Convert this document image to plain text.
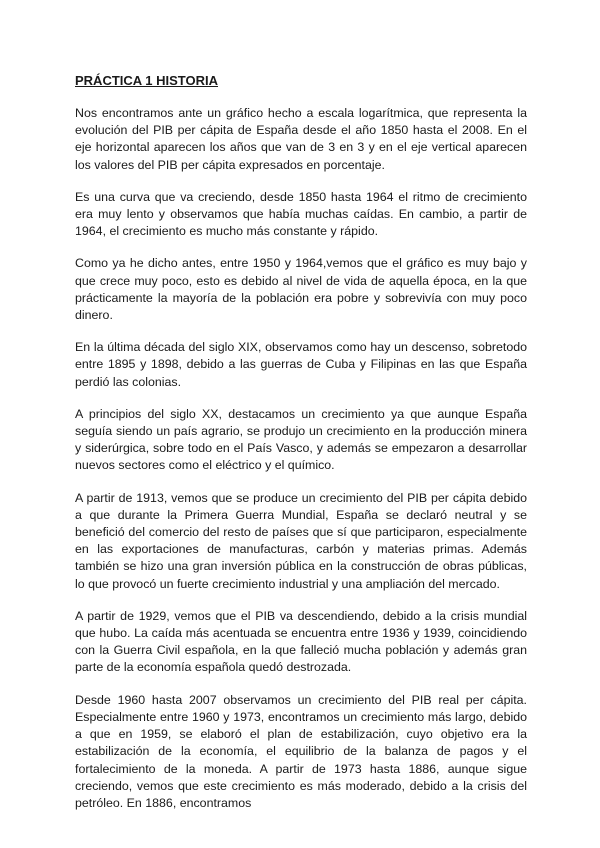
PRÁCTICA 1 HISTORIA

Nos encontramos ante un gráfico hecho a escala logarítmica, que representa la evolución del PIB per cápita de España desde el año 1850 hasta el 2008. En el eje horizontal aparecen los años que van de 3 en 3 y en el eje vertical aparecen los valores del PIB per cápita expresados en porcentaje.

Es una curva que va creciendo, desde 1850 hasta 1964 el ritmo de crecimiento era muy lento y observamos que había muchas caídas. En cambio, a partir de 1964, el crecimiento es mucho más constante y rápido.

Como ya he dicho antes, entre 1950 y 1964,vemos que el gráfico es muy bajo y que crece muy poco, esto es debido al nivel de vida de aquella época, en la que prácticamente la mayoría de la población era pobre y sobrevivía con muy poco dinero.

En la última década del siglo XIX, observamos como hay un descenso, sobretodo entre 1895 y 1898, debido a las guerras de Cuba y Filipinas en las que España perdió las colonias.

A principios del siglo XX, destacamos un crecimiento ya que aunque España seguía siendo un país agrario, se produjo un crecimiento en la producción minera y siderúrgica, sobre todo en el País Vasco, y además se empezaron a desarrollar nuevos sectores como el eléctrico y el químico.

A partir de 1913, vemos que se produce un crecimiento del PIB per cápita debido a que durante la Primera Guerra Mundial, España se declaró neutral y se benefició del comercio del resto de países que sí que participaron, especialmente en las exportaciones de manufacturas, carbón y materias primas. Además también se hizo una gran inversión pública en la construcción de obras públicas, lo que provocó un fuerte crecimiento industrial y una ampliación del mercado.

A partir de 1929, vemos que el PIB va descendiendo, debido a la crisis mundial que hubo. La caída más acentuada se encuentra entre 1936 y 1939, coincidiendo con la Guerra Civil española, en la que falleció mucha población y además gran parte de la economía española quedó destrozada.

Desde 1960 hasta 2007 observamos un crecimiento del PIB real per cápita. Especialmente entre 1960 y 1973, encontramos un crecimiento más largo, debido a que en 1959, se elaboró el plan de estabilización, cuyo objetivo era la estabilización de la economía, el equilibrio de la balanza de pagos y el fortalecimiento de la moneda. A partir de 1973 hasta 1886, aunque sigue creciendo, vemos que este crecimiento es más moderado, debido a la crisis del petróleo. En 1886, encontramos
